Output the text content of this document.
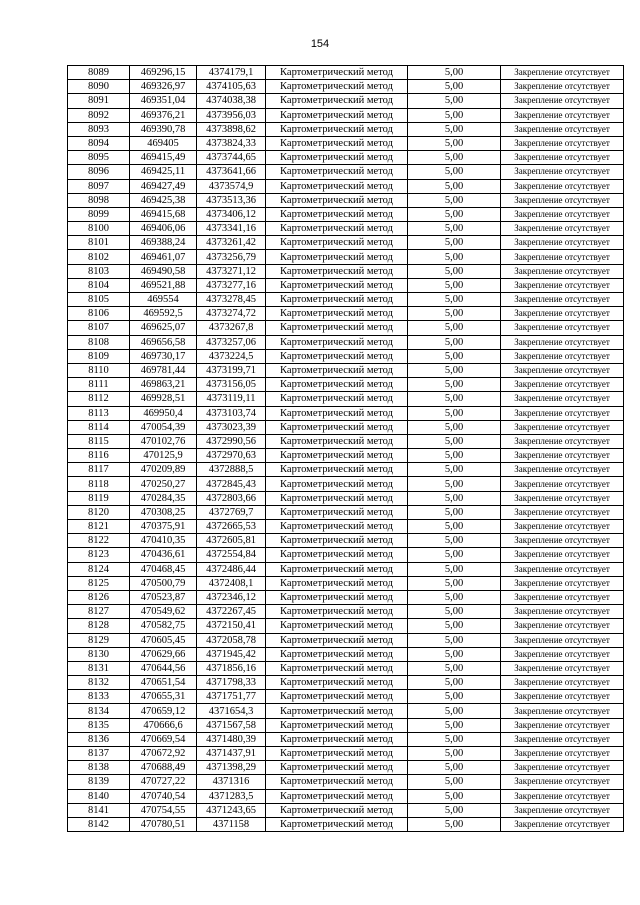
154
8089	469296,15	4374179,1	Картометрический метод	5,00	Закрепление отсутствует
8090	469326,97	4374105,63	Картометрический метод	5,00	Закрепление отсутствует
8091	469351,04	4374038,38	Картометрический метод	5,00	Закрепление отсутствует
8092	469376,21	4373956,03	Картометрический метод	5,00	Закрепление отсутствует
8093	469390,78	4373898,62	Картометрический метод	5,00	Закрепление отсутствует
8094	469405	4373824,33	Картометрический метод	5,00	Закрепление отсутствует
8095	469415,49	4373744,65	Картометрический метод	5,00	Закрепление отсутствует
8096	469425,11	4373641,66	Картометрический метод	5,00	Закрепление отсутствует
8097	469427,49	4373574,9	Картометрический метод	5,00	Закрепление отсутствует
8098	469425,38	4373513,36	Картометрический метод	5,00	Закрепление отсутствует
8099	469415,68	4373406,12	Картометрический метод	5,00	Закрепление отсутствует
8100	469406,06	4373341,16	Картометрический метод	5,00	Закрепление отсутствует
8101	469388,24	4373261,42	Картометрический метод	5,00	Закрепление отсутствует
8102	469461,07	4373256,79	Картометрический метод	5,00	Закрепление отсутствует
8103	469490,58	4373271,12	Картометрический метод	5,00	Закрепление отсутствует
8104	469521,88	4373277,16	Картометрический метод	5,00	Закрепление отсутствует
8105	469554	4373278,45	Картометрический метод	5,00	Закрепление отсутствует
8106	469592,5	4373274,72	Картометрический метод	5,00	Закрепление отсутствует
8107	469625,07	4373267,8	Картометрический метод	5,00	Закрепление отсутствует
8108	469656,58	4373257,06	Картометрический метод	5,00	Закрепление отсутствует
8109	469730,17	4373224,5	Картометрический метод	5,00	Закрепление отсутствует
8110	469781,44	4373199,71	Картометрический метод	5,00	Закрепление отсутствует
8111	469863,21	4373156,05	Картометрический метод	5,00	Закрепление отсутствует
8112	469928,51	4373119,11	Картометрический метод	5,00	Закрепление отсутствует
8113	469950,4	4373103,74	Картометрический метод	5,00	Закрепление отсутствует
8114	470054,39	4373023,39	Картометрический метод	5,00	Закрепление отсутствует
8115	470102,76	4372990,56	Картометрический метод	5,00	Закрепление отсутствует
8116	470125,9	4372970,63	Картометрический метод	5,00	Закрепление отсутствует
8117	470209,89	4372888,5	Картометрический метод	5,00	Закрепление отсутствует
8118	470250,27	4372845,43	Картометрический метод	5,00	Закрепление отсутствует
8119	470284,35	4372803,66	Картометрический метод	5,00	Закрепление отсутствует
8120	470308,25	4372769,7	Картометрический метод	5,00	Закрепление отсутствует
8121	470375,91	4372665,53	Картометрический метод	5,00	Закрепление отсутствует
8122	470410,35	4372605,81	Картометрический метод	5,00	Закрепление отсутствует
8123	470436,61	4372554,84	Картометрический метод	5,00	Закрепление отсутствует
8124	470468,45	4372486,44	Картометрический метод	5,00	Закрепление отсутствует
8125	470500,79	4372408,1	Картометрический метод	5,00	Закрепление отсутствует
8126	470523,87	4372346,12	Картометрический метод	5,00	Закрепление отсутствует
8127	470549,62	4372267,45	Картометрический метод	5,00	Закрепление отсутствует
8128	470582,75	4372150,41	Картометрический метод	5,00	Закрепление отсутствует
8129	470605,45	4372058,78	Картометрический метод	5,00	Закрепление отсутствует
8130	470629,66	4371945,42	Картометрический метод	5,00	Закрепление отсутствует
8131	470644,56	4371856,16	Картометрический метод	5,00	Закрепление отсутствует
8132	470651,54	4371798,33	Картометрический метод	5,00	Закрепление отсутствует
8133	470655,31	4371751,77	Картометрический метод	5,00	Закрепление отсутствует
8134	470659,12	4371654,3	Картометрический метод	5,00	Закрепление отсутствует
8135	470666,6	4371567,58	Картометрический метод	5,00	Закрепление отсутствует
8136	470669,54	4371480,39	Картометрический метод	5,00	Закрепление отсутствует
8137	470672,92	4371437,91	Картометрический метод	5,00	Закрепление отсутствует
8138	470688,49	4371398,29	Картометрический метод	5,00	Закрепление отсутствует
8139	470727,22	4371316	Картометрический метод	5,00	Закрепление отсутствует
8140	470740,54	4371283,5	Картометрический метод	5,00	Закрепление отсутствует
8141	470754,55	4371243,65	Картометрический метод	5,00	Закрепление отсутствует
8142	470780,51	4371158	Картометрический метод	5,00	Закрепление отсутствует
